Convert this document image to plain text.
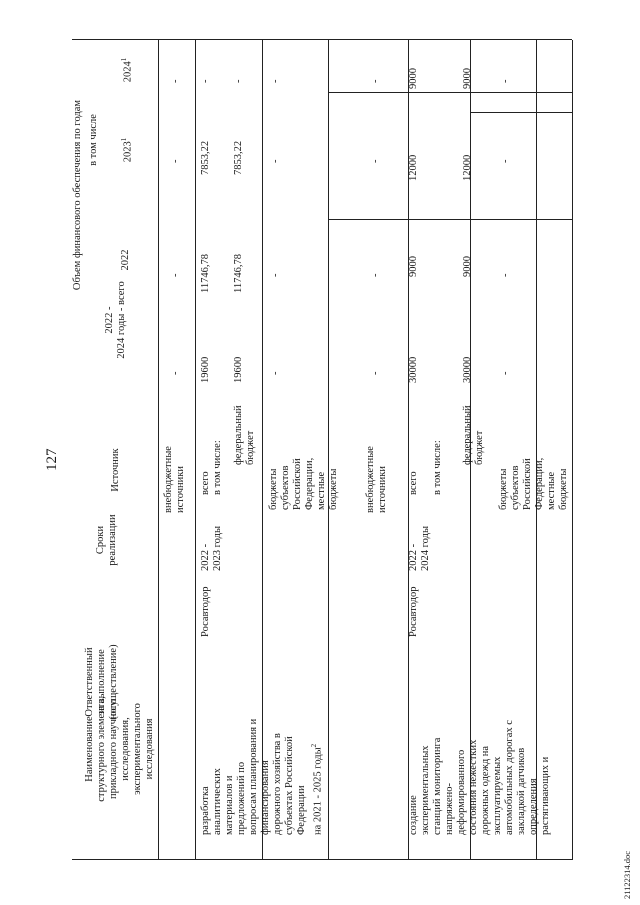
127
21122314.doc
Наименование
структурного элемента,
прикладного научного
исследования,
экспериментального
исследования
Ответственный
за выполнение
(осуществление)
Сроки
реализации
Источник
Объем финансового обеспечения по годам
2022 -
2024 годы - всего
2022
в том числе	2023$^1$
2024$^1$
внебюджетные
источники
-
-
-
-
разработка
аналитических
материалов и
предложений по
вопросам планирования и
финансирования
дорожного хозяйства в
субъектах Российской
Федерации
на 2021 - 2025 годы$^2$
Росавтодор
2022 -
2023 годы
всего
в том числе:
19600
11746,78
7853,22
-
федеральный
бюджет
19600
11746,78
7853,22
-
бюджеты
субъектов
Российской
Федерации,
местные
бюджеты
-
-
-
-
внебюджетные
источники
-
-
-
-
создание
экспериментальных
станций мониторинга
напряжено-
деформированного
состояния нежестких
дорожных одежд на
эксплуатируемых
автомобильных дорогах с
закладкой датчиков
определения
растягивающих и
Росавтодор
2022 -
2024 годы
всего

в том числе:
30000
9000
12000
9000
федеральный
бюджет
30000
9000
12000
9000
бюджеты
субъектов
Российской
Федерации,
местные
бюджеты
-
-
-
-
